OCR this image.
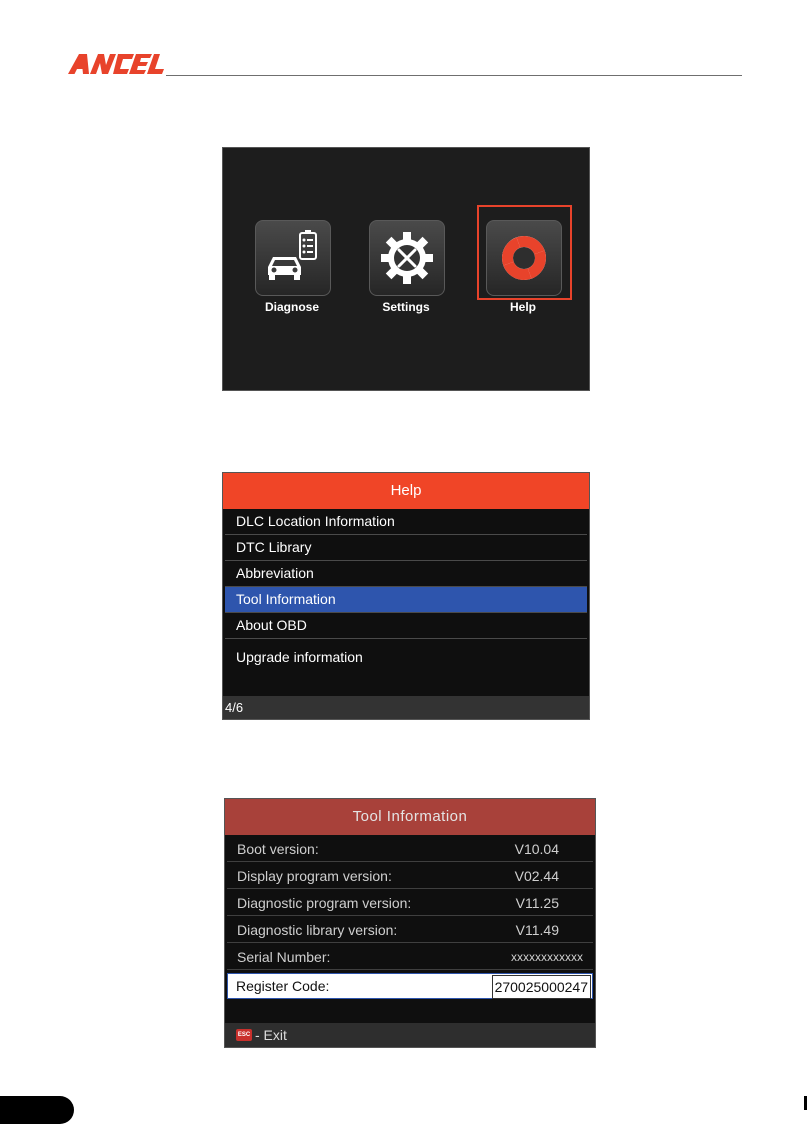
Diagnose	Settings	Help
Help
DLC Location Information
DTC Library
Abbreviation
Tool Information
About OBD
Upgrade information
4/6
Tool Information
Boot version:	V10.04
Display program version:	V02.44
Diagnostic program version:	V11.25
Diagnostic library version:	V11.49
Serial Number:	xxxxxxxxxxxx
Register Code:	270025000247
ESC - Exit
